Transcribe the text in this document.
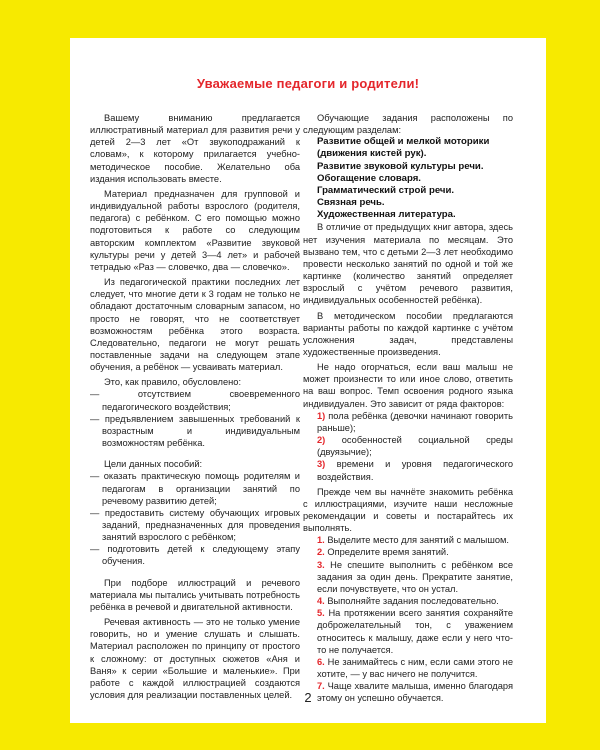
Уважаемые педагоги и родители!

Вашему вниманию предлагается иллюстративный материал для развития речи у детей 2—3 лет «От звукоподражаний к словам», к которому прилагается учебно-методическое пособие. Желательно оба издания использовать вместе.

Материал предназначен для групповой и индивидуальной работы взрослого (родителя, педагога) с ребёнком. С его помощью можно подготовиться к работе со следующим авторским комплектом «Развитие звуковой культуры речи у детей 3—4 лет» и рабочей тетрадью «Раз — словечко, два — словечко».

Из педагогической практики последних лет следует, что многие дети к 3 годам не только не обладают достаточным словарным запасом, но просто не говорят, что не соответствует возможностям ребёнка этого возраста. Следовательно, педагоги не могут решать поставленные задачи на следующем этапе обучения, а ребёнок — усваивать материал.

Это, как правило, обусловлено:

— отсутствием своевременного педагогического воздействия;

— предъявлением завышенных требований к возрастным и индивидуальным возможностям ребёнка.

Цели данных пособий:

— оказать практическую помощь родителям и педагогам в организации занятий по речевому развитию детей;

— предоставить систему обучающих игровых заданий, предназначенных для проведения занятий взрослого с ребёнком;

— подготовить детей к следующему этапу обучения.

При подборе иллюстраций и речевого материала мы пытались учитывать потребность ребёнка в речевой и двигательной активности.

Речевая активность — это не только умение говорить, но и умение слушать и слышать. Материал расположен по принципу от простого к сложному: от доступных сюжетов «Аня и Ваня» к серии «Большие и маленькие». При работе с каждой иллюстрацией создаются условия для реализации поставленных целей.

Обучающие задания расположены по следующим разделам:

Развитие общей и мелкой моторики (движения кистей рук).

Развитие звуковой культуры речи.

Обогащение словаря.

Грамматический строй речи.

Связная речь.

Художественная литература.

В отличие от предыдущих книг автора, здесь нет изучения материала по месяцам. Это вызвано тем, что с детьми 2—3 лет необходимо провести несколько занятий по одной и той же картинке (количество занятий определяет взрослый с учётом речевого развития, индивидуальных особенностей ребёнка).

В методическом пособии предлагаются варианты работы по каждой картинке с учётом усложнения задач, представлены художественные произведения.

Не надо огорчаться, если ваш малыш не может произнести то или иное слово, ответить на ваш вопрос. Темп освоения родного языка индивидуален. Это зависит от ряда факторов:

1) пола ребёнка (девочки начинают говорить раньше);

2) особенностей социальной среды (двуязычие);

3) времени и уровня педагогического воздействия.

Прежде чем вы начнёте знакомить ребёнка с иллюстрациями, изучите наши несложные рекомендации и советы и постарайтесь их выполнять.

1. Выделите место для занятий с малышом.

2. Определите время занятий.

3. Не спешите выполнить с ребёнком все задания за один день. Прекратите занятие, если почувствуете, что он устал.

4. Выполняйте задания последовательно.

5. На протяжении всего занятия сохраняйте доброжелательный тон, с уважением относитесь к малышу, даже если у него что-то не получается.

6. Не занимайтесь с ним, если сами этого не хотите, — у вас ничего не получится.

7. Чаще хвалите малыша, именно благодаря этому он успешно обучается.

2
